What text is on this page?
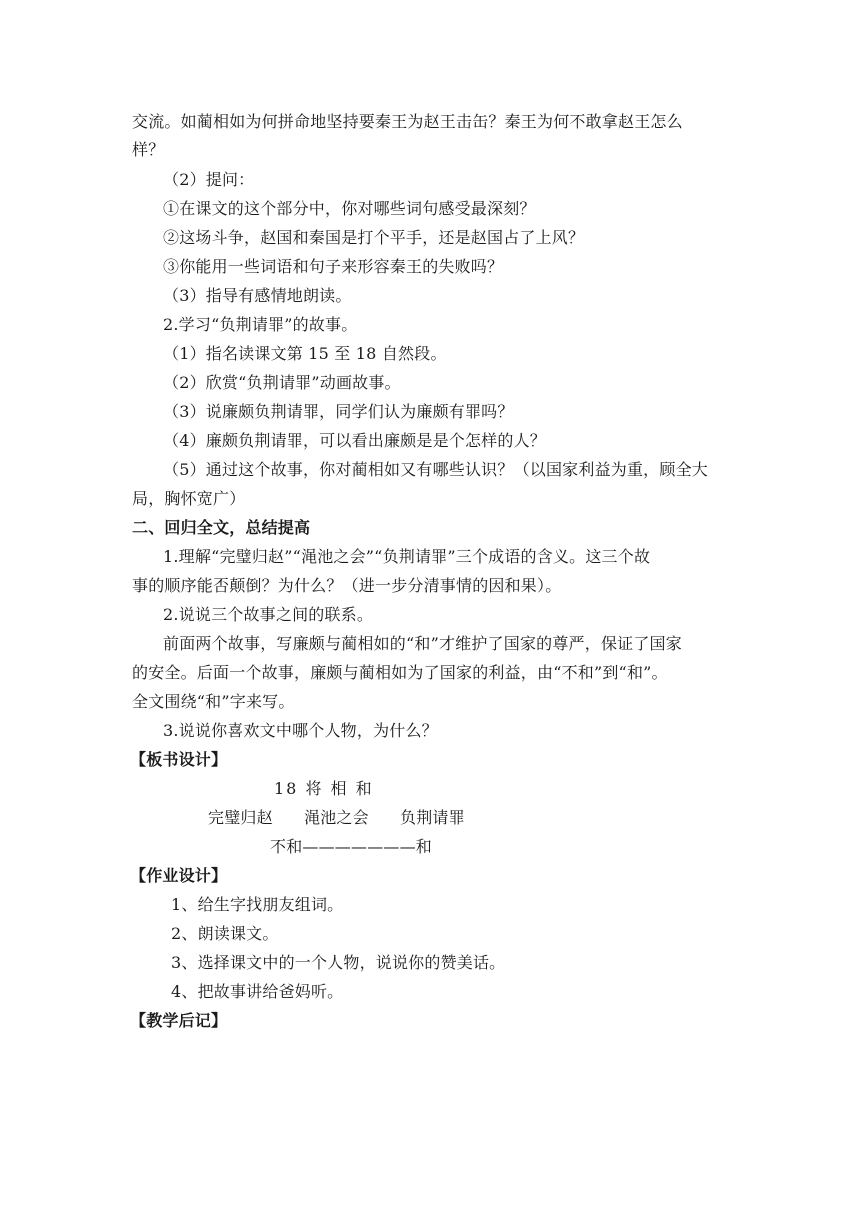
交流。如蔺相如为何拼命地坚持要秦王为赵王击缶？秦王为何不敢拿赵王怎么
样？
（2）提问：
①在课文的这个部分中，你对哪些词句感受最深刻？
②这场斗争，赵国和秦国是打个平手，还是赵国占了上风？
③你能用一些词语和句子来形容秦王的失败吗？
（3）指导有感情地朗读。
2.学习“负荆请罪”的故事。
（1）指名读课文第 15 至 18 自然段。
（2）欣赏“负荆请罪”动画故事。
（3）说廉颇负荆请罪，同学们认为廉颇有罪吗？
（4）廉颇负荆请罪，可以看出廉颇是是个怎样的人？
（5）通过这个故事，你对蔺相如又有哪些认识？（以国家利益为重，顾全大
局，胸怀宽广）
二、回归全文，总结提高
1.理解“完璧归赵”“渑池之会”“负荆请罪”三个成语的含义。这三个故
事的顺序能否颠倒？为什么？（进一步分清事情的因和果）。
2.说说三个故事之间的联系。
前面两个故事，写廉颇与蔺相如的“和”才维护了国家的尊严，保证了国家
的安全。后面一个故事，廉颇与蔺相如为了国家的利益，由“不和”到“和”。
全文围绕“和”字来写。
3.说说你喜欢文中哪个人物，为什么？
【板书设计】
18 将 相 和
完璧归赵 渑池之会 负荆请罪
不和———————和
【作业设计】
1、给生字找朋友组词。
2、朗读课文。
3、选择课文中的一个人物，说说你的赞美话。
4、把故事讲给爸妈听。
【教学后记】
